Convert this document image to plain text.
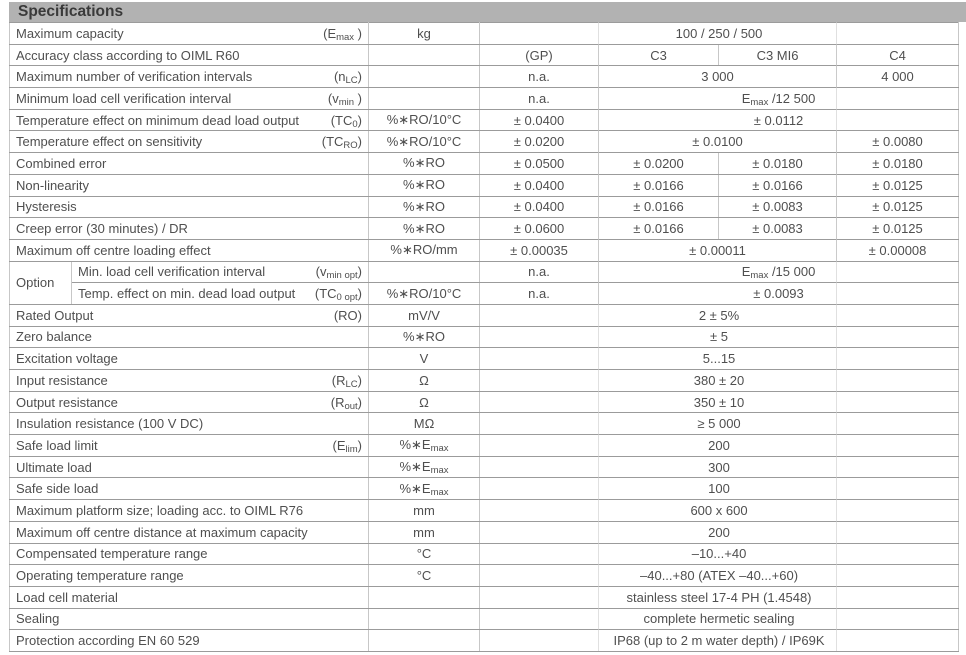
Specifications
Maximum capacity ($E_{max}$ )		kg	100 / 250 / 500			

Accuracy class according to OIML R60			(GP)	C3	C3 MI6	C4

Maximum number of verification intervals $(n_{LC})$			n.a.	3 000		4 000

Minimum load cell verification interval ($v_{min}$ )			n.a.	$E_{max}$ /12 500		

Temperature effect on minimum dead load output $(TC_0)$		%∗RO/10°C	± 0.0400	± 0.0112		

Temperature effect on sensitivity $(TC_{RO})$		%∗RO/10°C	± 0.0200	± 0.0100		± 0.0080

Combined error		%∗RO	± 0.0500	± 0.0200	± 0.0180	± 0.0180

Non-linearity		%∗RO	± 0.0400	± 0.0166	± 0.0166	± 0.0125

Hysteresis		%∗RO	± 0.0400	± 0.0166	± 0.0083	± 0.0125

Creep error (30 minutes) / DR		%∗RO	± 0.0600	± 0.0166	± 0.0083	± 0.0125

Maximum off centre loading effect		%∗RO/mm	± 0.00035	± 0.00011		± 0.00008
Option	Min. load cell verification interval $(v_{min opt})$		n.a.	$E_{max}$ /15 000		

	Temp. effect on min. dead load output $(TC_{0 opt})$	%∗RO/10°C	n.a.	± 0.0093		

Rated Output (RO)		mV/V	2 ± 5%			

Zero balance		%∗RO	± 5			

Excitation voltage		V	5...15			

Input resistance $(R_{LC})$		Ω	380 ± 20			

Output resistance $(R_{out})$		Ω	350 ± 10			

Insulation resistance (100 V DC)		MΩ	≥ 5 000			

Safe load limit $(E_{lim})$		$\%∗E_{max}$	200			

Ultimate load		$\%∗E_{max}$	300			

Safe side load		$\%∗E_{max}$	100			

Maximum platform size; loading acc. to OIML R76		mm	600 x 600			

Maximum off centre distance at maximum capacity		mm	200			

Compensated temperature range		°C	–10...+40			

Operating temperature range		°C	–40...+80 (ATEX –40...+60)			

Load cell material			stainless steel 17-4 PH (1.4548)			

Sealing			complete hermetic sealing			

Protection according EN 60 529			IP68 (up to 2 m water depth) / IP69K			
